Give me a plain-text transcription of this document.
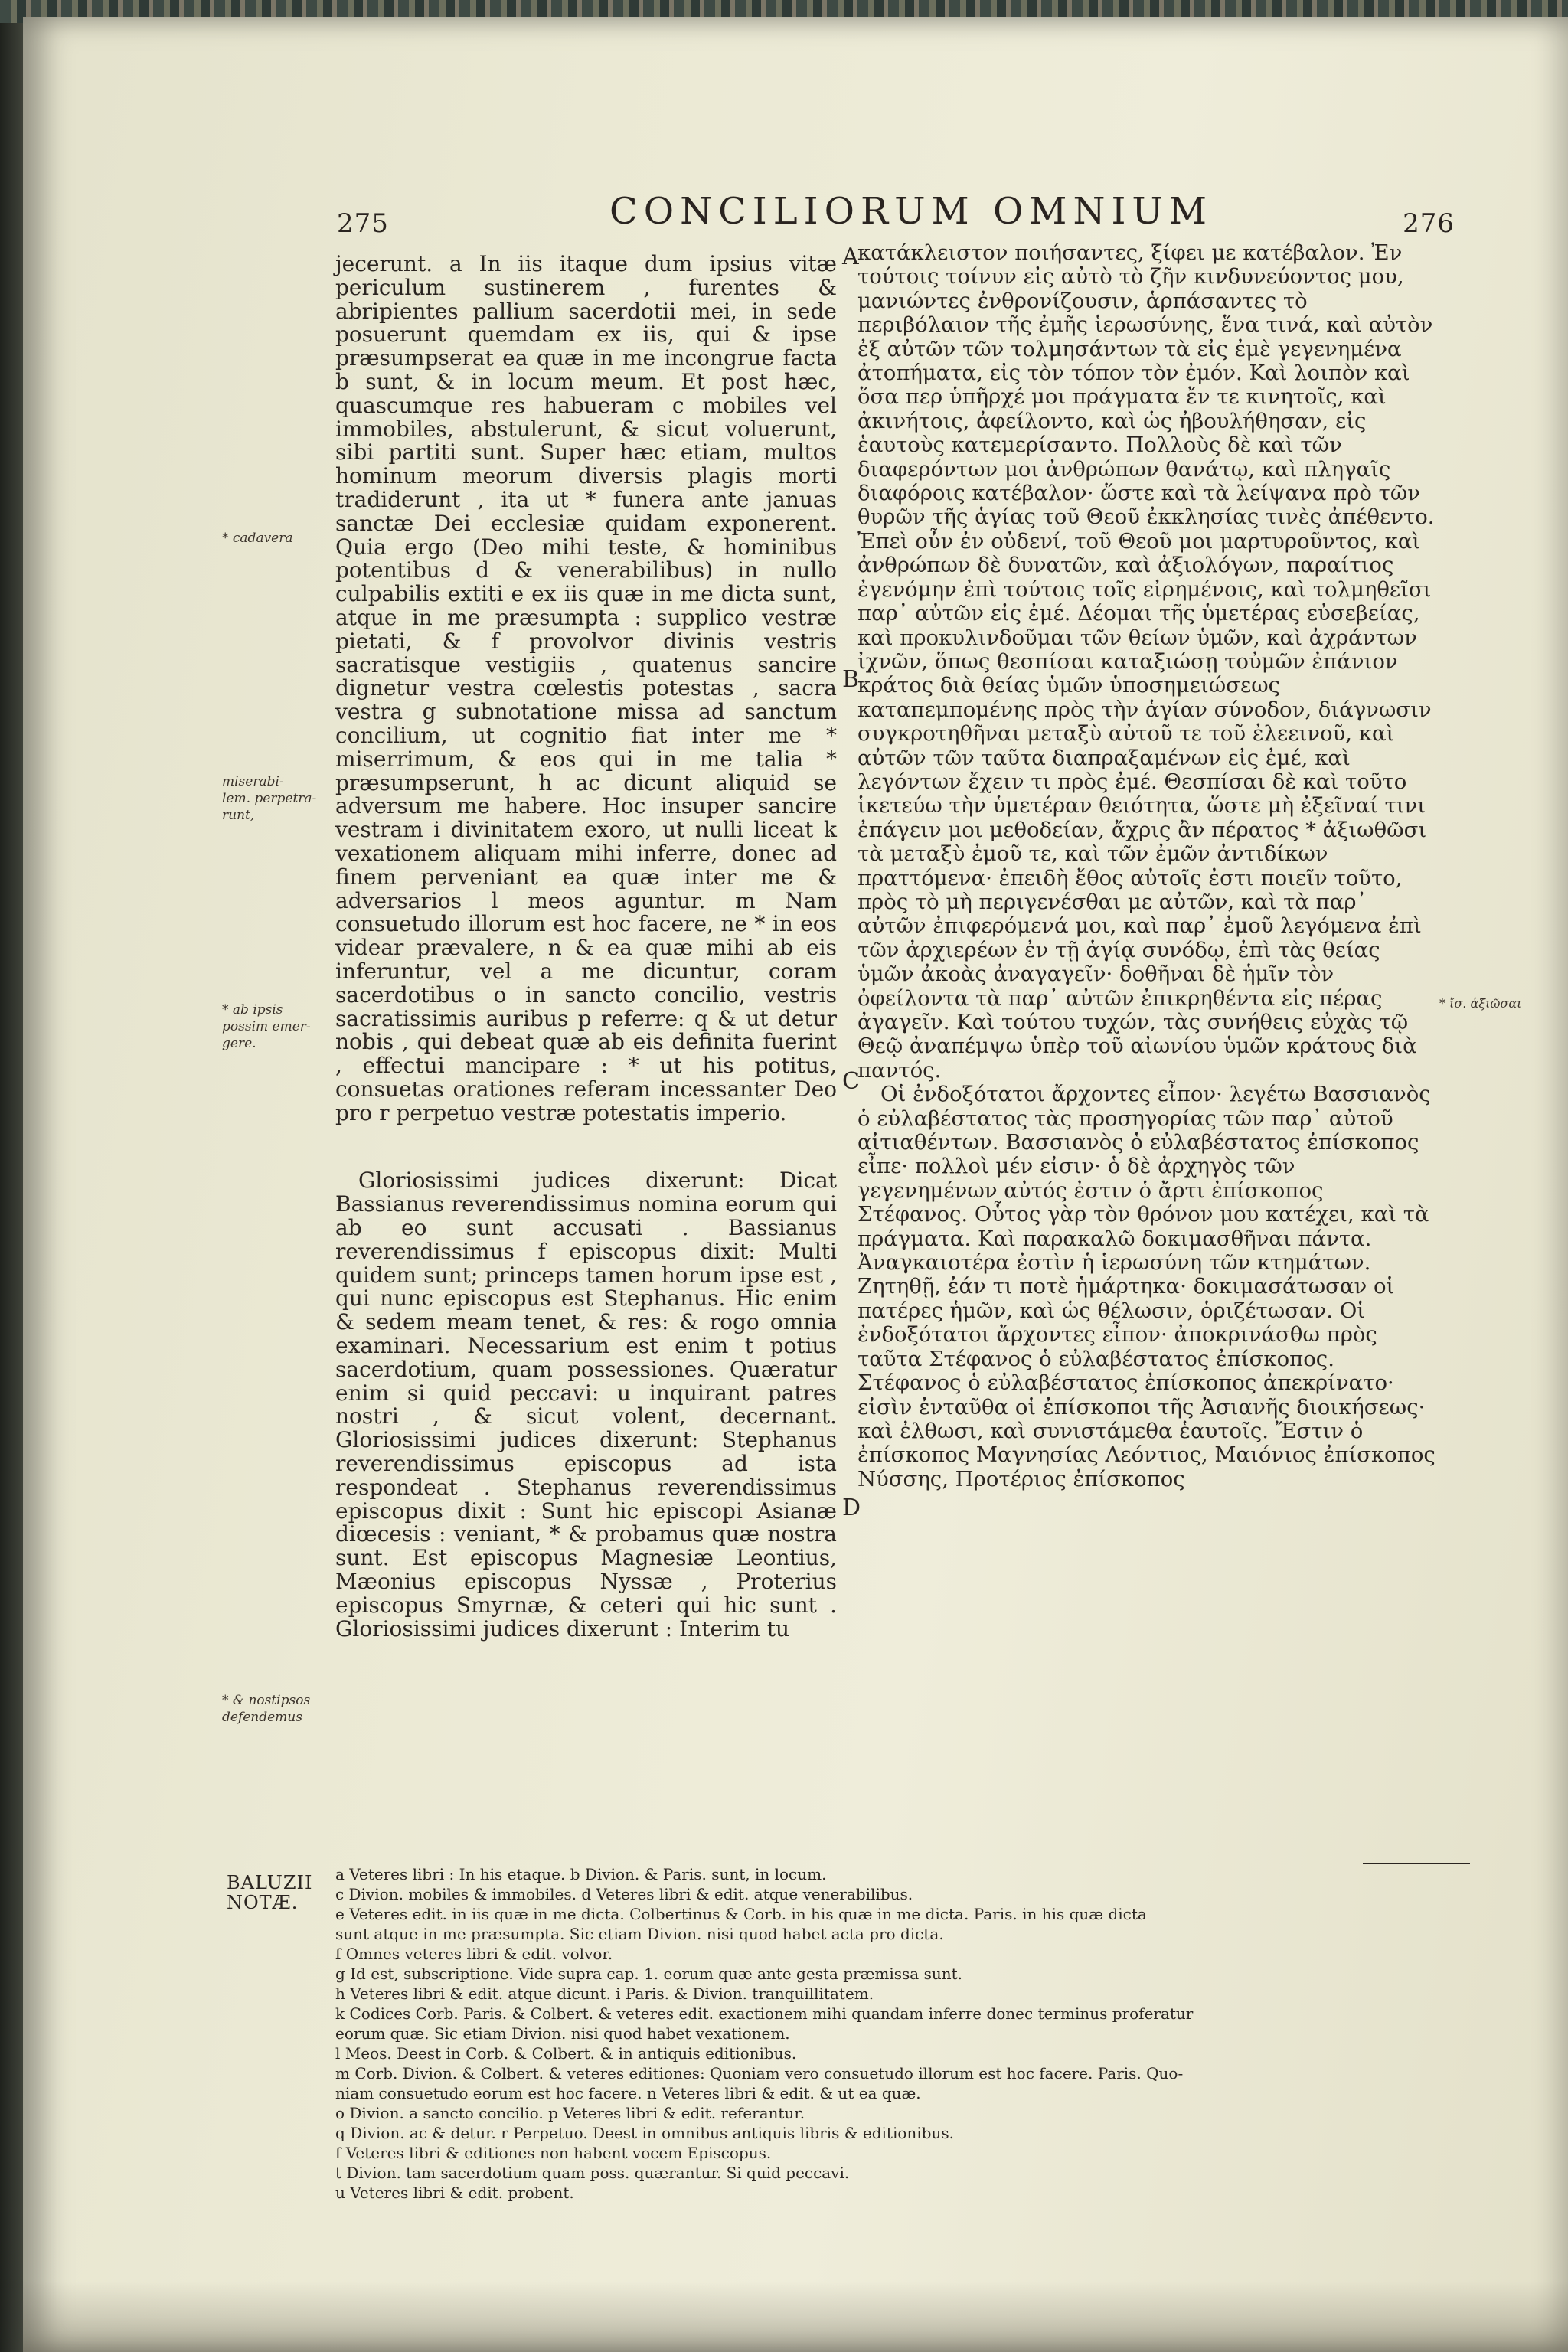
275	CONCILIORUM OMNIUM	276
* cadavera
miserabi-
lem. perpetra-
runt,
* ab ipsis
possim emer-
gere.
* & nostipsos
defendemus
A
B
C
D
* ἴσ. ἀξιῶσαι

jecerunt. a In iis itaque dum ipsius vitæ periculum sustinerem , furentes & abripientes pallium sacerdotii mei, in sede posuerunt quemdam ex iis, qui & ipse præsumpserat ea quæ in me incongrue facta b sunt, & in locum meum. Et post hæc, quascumque res habueram c mobiles vel immobiles, abstulerunt, & sicut voluerunt, sibi partiti sunt. Super hæc etiam, multos hominum meorum diversis plagis morti tradiderunt , ita ut * funera ante januas sanctæ Dei ecclesiæ quidam exponerent. Quia ergo (Deo mihi teste, & hominibus potentibus d & venerabilibus) in nullo culpabilis extiti e ex iis quæ in me dicta sunt, atque in me præsumpta : supplico vestræ pietati, & f provolvor divinis vestris sacratisque vestigiis , quatenus sancire dignetur vestra cœlestis potestas , sacra vestra g subnotatione missa ad sanctum concilium, ut cognitio fiat inter me * miserrimum, & eos qui in me talia * præsumpserunt, h ac dicunt aliquid se adversum me habere. Hoc insuper sancire vestram i divinitatem exoro, ut nulli liceat k vexationem aliquam mihi inferre, donec ad finem perveniant ea quæ inter me & adversarios l meos aguntur. m Nam consuetudo illorum est hoc facere, ne * in eos videar prævalere, n & ea quæ mihi ab eis inferuntur, vel a me dicuntur, coram sacerdotibus o in sancto concilio, vestris sacratissimis auribus p referre: q & ut detur nobis , qui debeat quæ ab eis definita fuerint , effectui mancipare : * ut his potitus, consuetas orationes referam incessanter Deo pro r perpetuo vestræ potestatis imperio.

Gloriosissimi judices dixerunt: Dicat Bassianus reverendissimus nomina eorum qui ab eo sunt accusati . Bassianus reverendissimus f episcopus dixit: Multi quidem sunt; princeps tamen horum ipse est , qui nunc episcopus est Stephanus. Hic enim & sedem meam tenet, & res: & rogo omnia examinari. Necessarium est enim t potius sacerdotium, quam possessiones. Quæratur enim si quid peccavi: u inquirant patres nostri , & sicut volent, decernant. Gloriosissimi judices dixerunt: Stephanus reverendissimus episcopus ad ista respondeat . Stephanus reverendissimus episcopus dixit : Sunt hic episcopi Asianæ diœcesis : veniant, * & probamus quæ nostra sunt. Est episcopus Magnesiæ Leontius, Mæonius episcopus Nyssæ , Proterius episcopus Smyrnæ, & ceteri qui hic sunt . Gloriosissimi judices dixerunt : Interim tu

κατάκλειστον ποιήσαντες, ξίφει με κατέβαλον. Ἐν τούτοις τοίνυν εἰς αὐτὸ τὸ ζῆν κινδυνεύοντος μου, μανιώντες ἐνθρονίζουσιν, ἁρπάσαντες τὸ περιβόλαιον τῆς ἐμῆς ἱερωσύνης, ἕνα τινά, καὶ αὐτὸν ἐξ αὐτῶν τῶν τολμησάντων τὰ εἰς ἐμὲ γεγενημένα ἀτοπήματα, εἰς τὸν τόπον τὸν ἐμόν. Καὶ λοιπὸν καὶ ὅσα περ ὑπῆρχέ μοι πράγματα ἔν τε κινητοῖς, καὶ ἀκινήτοις, ἀφείλοντο, καὶ ὡς ἠβουλήθησαν, εἰς ἑαυτοὺς κατεμερίσαντο. Πολλοὺς δὲ καὶ τῶν διαφερόντων μοι ἀνθρώπων θανάτῳ, καὶ πληγαῖς διαφόροις κατέβαλον· ὥστε καὶ τὰ λείψανα πρὸ τῶν θυρῶν τῆς ἁγίας τοῦ Θεοῦ ἐκκλησίας τινὲς ἀπέθεντο. Ἐπεὶ οὖν ἐν οὐδενί, τοῦ Θεοῦ μοι μαρτυροῦντος, καὶ ἀνθρώπων δὲ δυνατῶν, καὶ ἀξιολόγων, παραίτιος ἐγενόμην ἐπὶ τούτοις τοῖς εἰρημένοις, καὶ τολμηθεῖσι παρ᾽ αὐτῶν εἰς ἐμέ. Δέομαι τῆς ὑμετέρας εὐσεβείας, καὶ προκυλινδοῦμαι τῶν θείων ὑμῶν, καὶ ἀχράντων ἰχνῶν, ὅπως θεσπίσαι καταξιώσῃ τοὐμῶν ἐπάνιον κράτος διὰ θείας ὑμῶν ὑποσημειώσεως καταπεμπομένης πρὸς τὴν ἁγίαν σύνοδον, διάγνωσιν συγκροτηθῆναι μεταξὺ αὐτοῦ τε τοῦ ἐλεεινοῦ, καὶ αὐτῶν τῶν ταῦτα διαπραξαμένων εἰς ἐμέ, καὶ λεγόντων ἔχειν τι πρὸς ἐμέ. Θεσπίσαι δὲ καὶ τοῦτο ἱκετεύω τὴν ὑμετέραν θειότητα, ὥστε μὴ ἐξεῖναί τινι ἐπάγειν μοι μεθοδείαν, ἄχρις ἂν πέρατος * ἀξιωθῶσι τὰ μεταξὺ ἐμοῦ τε, καὶ τῶν ἐμῶν ἀντιδίκων πραττόμενα· ἐπειδὴ ἔθος αὐτοῖς ἐστι ποιεῖν τοῦτο, πρὸς τὸ μὴ περιγενέσθαι με αὐτῶν, καὶ τὰ παρ᾽ αὐτῶν ἐπιφερόμενά μοι, καὶ παρ᾽ ἐμοῦ λεγόμενα ἐπὶ τῶν ἀρχιερέων ἐν τῇ ἁγίᾳ συνόδῳ, ἐπὶ τὰς θείας ὑμῶν ἀκοὰς ἀναγαγεῖν· δοθῆναι δὲ ἡμῖν τὸν ὀφείλοντα τὰ παρ᾽ αὐτῶν ἐπικρηθέντα εἰς πέρας ἀγαγεῖν. Καὶ τούτου τυχών, τὰς συνήθεις εὐχὰς τῷ Θεῷ ἀναπέμψω ὑπὲρ τοῦ αἰωνίου ὑμῶν κράτους διὰ παντός.

Οἱ ἐνδοξότατοι ἄρχοντες εἶπον· λεγέτω Βασσιανὸς ὁ εὐλαβέστατος τὰς προσηγορίας τῶν παρ᾽ αὐτοῦ αἰτιαθέντων. Βασσιανὸς ὁ εὐλαβέστατος ἐπίσκοπος εἶπε· πολλοὶ μέν εἰσιν· ὁ δὲ ἀρχηγὸς τῶν γεγενημένων αὐτός ἐστιν ὁ ἄρτι ἐπίσκοπος Στέφανος. Οὗτος γὰρ τὸν θρόνον μου κατέχει, καὶ τὰ πράγματα. Καὶ παρακαλῶ δοκιμασθῆναι πάντα. Ἀναγκαιοτέρα ἐστὶν ἡ ἱερωσύνη τῶν κτημάτων. Ζητηθῇ, ἐάν τι ποτὲ ἡμάρτηκα· δοκιμασάτωσαν οἱ πατέρες ἡμῶν, καὶ ὡς θέλωσιν, ὁριζέτωσαν. Οἱ ἐνδοξότατοι ἄρχοντες εἶπον· ἀποκρινάσθω πρὸς ταῦτα Στέφανος ὁ εὐλαβέστατος ἐπίσκοπος. Στέφανος ὁ εὐλαβέστατος ἐπίσκοπος ἀπεκρίνατο· εἰσὶν ἐνταῦθα οἱ ἐπίσκοποι τῆς Ἀσιανῆς διοικήσεως· καὶ ἐλθωσι, καὶ συνιστάμεθα ἑαυτοῖς. Ἔστιν ὁ ἐπίσκοπος Μαγνησίας Λεόντιος, Μαιόνιος ἐπίσκοπος Νύσσης, Προτέριος ἐπίσκοπος

BALUZII
NOTÆ.
a Veteres libri : In his etaque. b Divion. & Paris. sunt, in locum.
c Divion. mobiles & immobiles. d Veteres libri & edit. atque venerabilibus.
e Veteres edit. in iis quæ in me dicta. Colbertinus & Corb. in his quæ in me dicta. Paris. in his quæ dicta
sunt atque in me præsumpta. Sic etiam Divion. nisi quod habet acta pro dicta.
f Omnes veteres libri & edit. volvor.
g Id est, subscriptione. Vide supra cap. 1. eorum quæ ante gesta præmissa sunt.
h Veteres libri & edit. atque dicunt. i Paris. & Divion. tranquillitatem.
k Codices Corb. Paris. & Colbert. & veteres edit. exactionem mihi quandam inferre donec terminus proferatur
eorum quæ. Sic etiam Divion. nisi quod habet vexationem.
l Meos. Deest in Corb. & Colbert. & in antiquis editionibus.
m Corb. Divion. & Colbert. & veteres editiones: Quoniam vero consuetudo illorum est hoc facere. Paris. Quo-
niam consuetudo eorum est hoc facere. n Veteres libri & edit. & ut ea quæ.
o Divion. a sancto concilio. p Veteres libri & edit. referantur.
q Divion. ac & detur. r Perpetuo. Deest in omnibus antiquis libris & editionibus.
f Veteres libri & editiones non habent vocem Episcopus.
t Divion. tam sacerdotium quam poss. quærantur. Si quid peccavi.
u Veteres libri & edit. probent.
